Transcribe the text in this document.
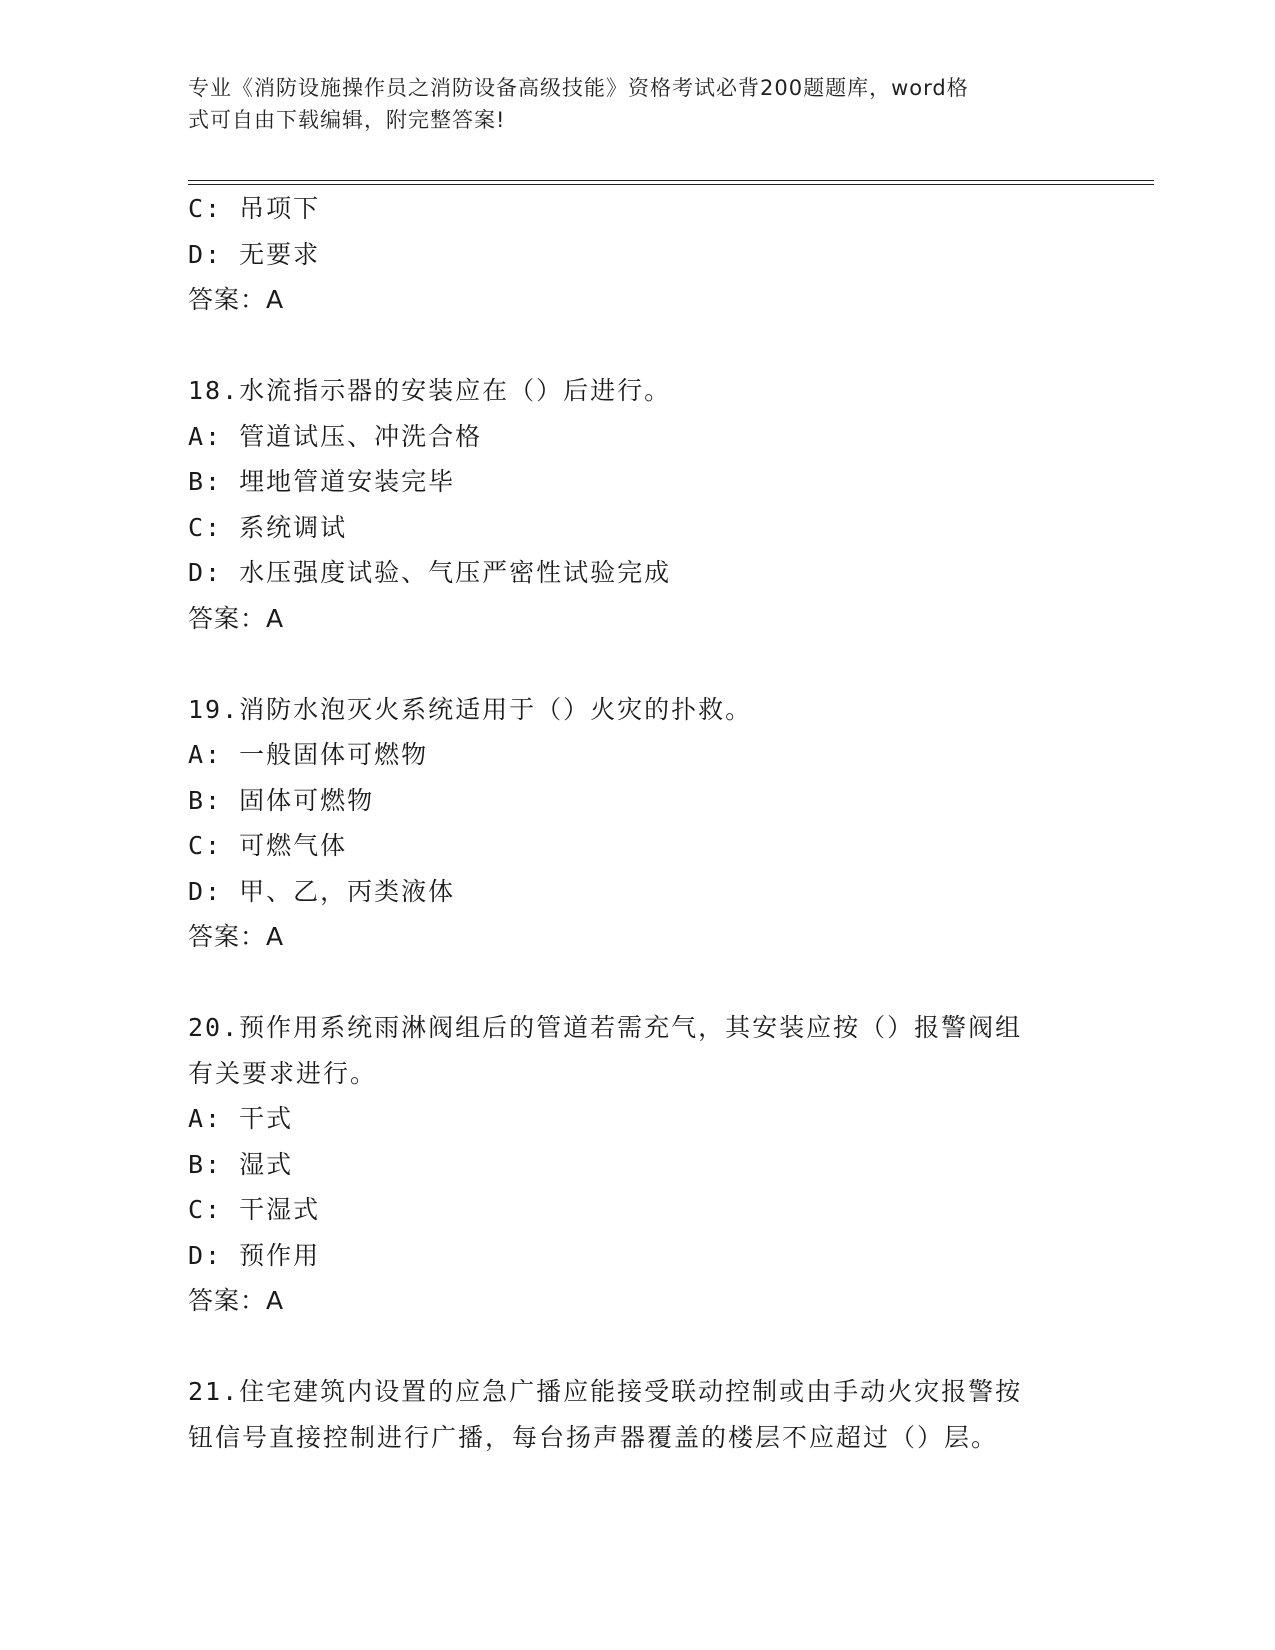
专业《消防设施操作员之消防设备高级技能》资格考试必背200题题库，word格
式可自由下载编辑，附完整答案!
C: 吊项下
D: 无要求
答案：A
18.水流指示器的安装应在（）后进行。
A: 管道试压、冲洗合格
B: 埋地管道安装完毕
C: 系统调试
D: 水压强度试验、气压严密性试验完成
答案：A
19.消防水泡灭火系统适用于（）火灾的扑救。
A: 一般固体可燃物
B: 固体可燃物
C: 可燃气体
D: 甲、乙，丙类液体
答案：A
20.预作用系统雨淋阀组后的管道若需充气，其安装应按（）报警阀组
有关要求进行。
A: 干式
B: 湿式
C: 干湿式
D: 预作用
答案：A
21.住宅建筑内设置的应急广播应能接受联动控制或由手动火灾报警按
钮信号直接控制进行广播，每台扬声器覆盖的楼层不应超过（）层。
